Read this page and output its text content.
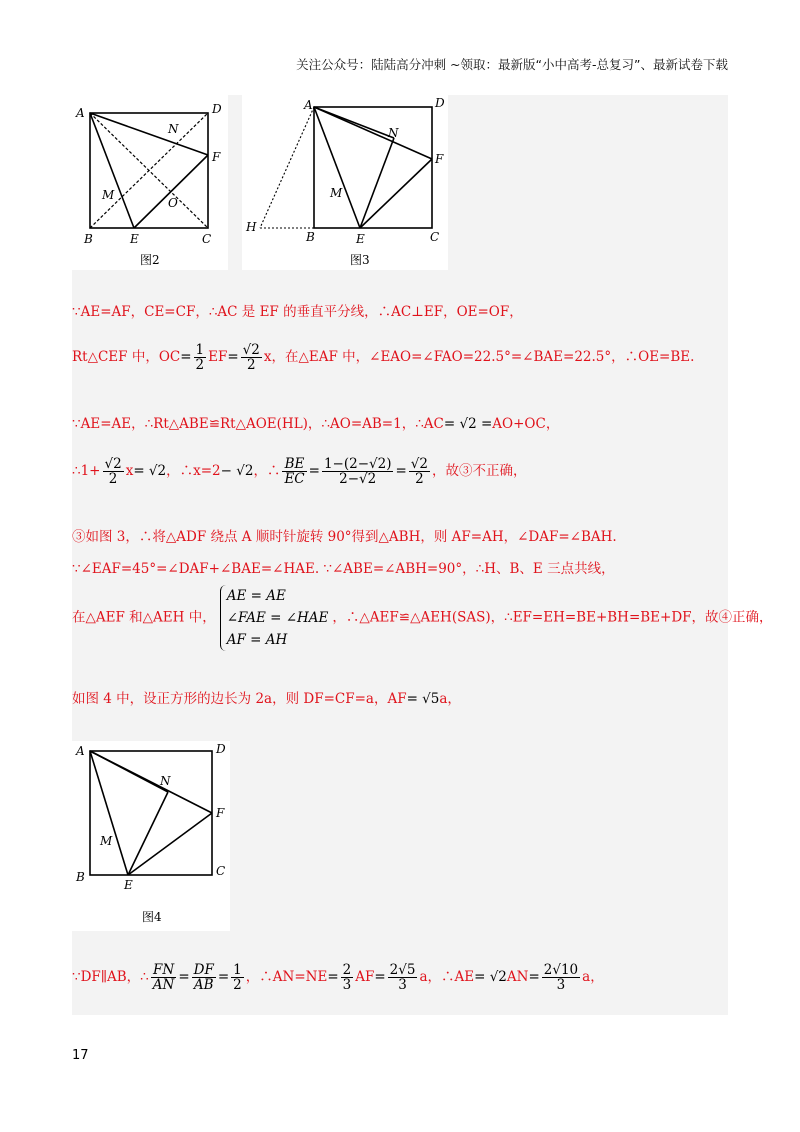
关注公众号：陆陆高分冲刺 ~领取：最新版“小中高考-总复习”、最新试卷下载
A	D
N
F
M
O
B	E	C
图2
A	D
N
F
M
H
B	E	C
图3
∵AE=AF，CE=CF，∴AC 是 EF 的垂直平分线，∴AC⊥EF，OE=OF，
Rt△CEF 中，$OC= \frac{1}{2} EF= \frac{√2}{2}$ x，在△EAF 中，∠EAO=∠FAO=22.5°=∠BAE=22.5°，∴OE=BE.
∵AE=AE，∴Rt△ABE≌Rt△AOE(HL)，∴AO=AB=1，∴AC= √2 =AO+OC，
∴1+ $\frac{√2}{2} x= √2$，∴x=2− √2，∴ $\frac{BE}{EC} = \frac{1-(2-√2)}{2-√2} = \frac{√2}{2}$ ，故③不正确，
③如图 3，∴将△ADF 绕点 A 顺时针旋转 90°得到△ABH，则 AF=AH，∠DAF=∠BAH.
∵∠EAF=45°=∠DAF+∠BAE=∠HAE. ∵∠ABE=∠ABH=90°，∴H、B、E 三点共线，
在△AEF 和△AEH 中，
AE = AE
∠FAE = ∠HAE
AF = AH
，∴△AEF≌△AEH(SAS)，∴EF=EH=BE+BH=BE+DF，故④正确，
如图 4 中，设正方形的边长为 2a，则 DF=CF=a，AF= √5a，
A	D
N
F
M
B
E
C
图4
∵DF∥AB，∴ $\frac{FN}{AN} = \frac{DF}{AB} = \frac{1}{2}$ ，∴AN=NE= $\frac{2}{3} AF= \frac{2√5}{3}$ a，∴AE= $√2AN= \frac{2√10}{3}$ a，
17
